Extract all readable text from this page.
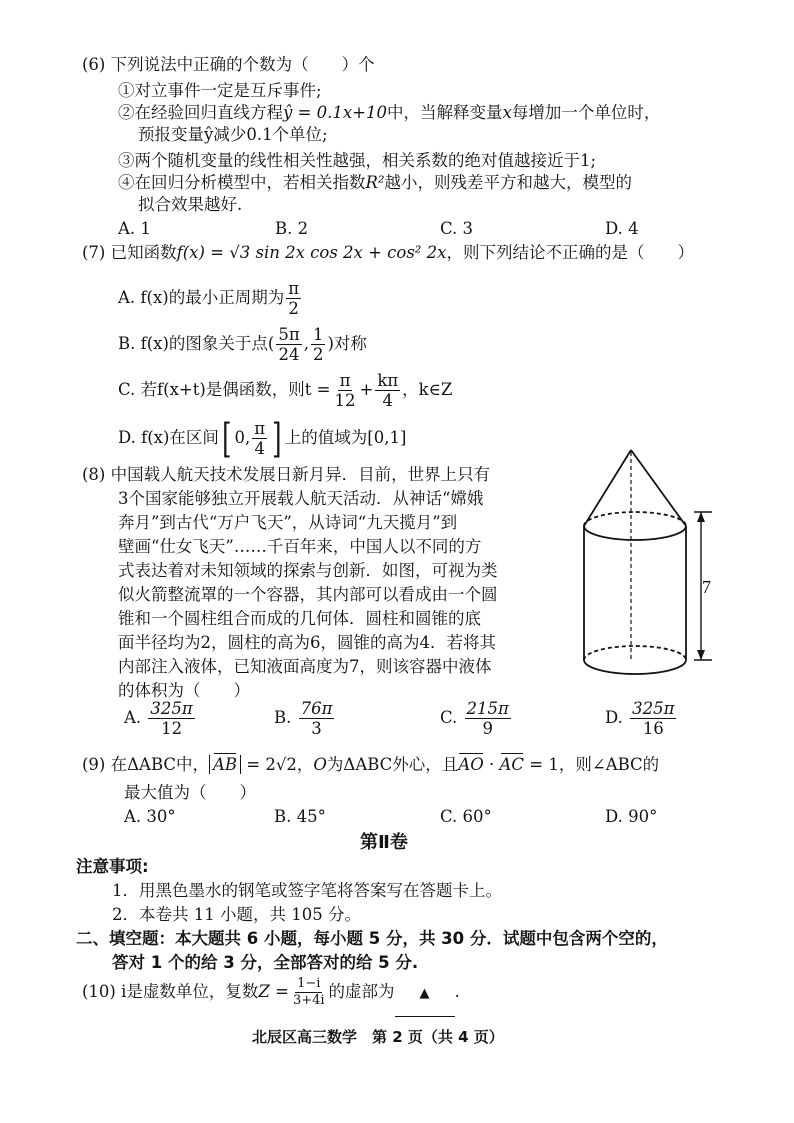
(6) 下列说法中正确的个数为（　　）个
①对立事件一定是互斥事件;
②在经验回归直线方程ŷ = 0.1x+10中，当解释变量x每增加一个单位时，
预报变量ŷ减少0.1个单位;
③两个随机变量的线性相关性越强，相关系数的绝对值越接近于1;
④在回归分析模型中，若相关指数R²越小，则残差平方和越大，模型的
拟合效果越好.
A. 1	B. 2	C. 3	D. 4
(7) 已知函数f(x) = √3 sin 2x cos 2x + cos² 2x，则下列结论不正确的是（　　）
A. f(x)的最小正周期为 $\frac{\pi}{2}$
B. f(x)的图象关于点( $\frac{5\pi}{24}$ , $\frac{1}{2}$ )对称
C. 若f(x+t)是偶函数，则$t = \frac{\pi}{12} + \frac{k\pi}{4}$ ，k∈Z
D. f(x)在区间[ 0, $\frac{\pi}{4}$ ] 上的值域为[0,1]
(8) 中国载人航天技术发展日新月异．目前，世界上只有
3个国家能够独立开展载人航天活动．从神话“嫦娥
奔月”到古代“万户飞天”，从诗词“九天揽月”到
壁画“仕女飞天”……千百年来，中国人以不同的方
式表达着对未知领域的探索与创新．如图，可视为类
似火箭整流罩的一个容器，其内部可以看成由一个圆
锥和一个圆柱组合而成的几何体．圆柱和圆锥的底
面半径均为2，圆柱的高为6，圆锥的高为4．若将其
内部注入液体，已知液面高度为7，则该容器中液体
的体积为（　　）
7
A. $\frac{325\pi}{12}$	B. $\frac{76\pi}{3}$	C. $\frac{215\pi}{9}$	D. $\frac{325\pi}{16}$
(9) 在ΔABC中， AB = 2√2，O为ΔABC外心，且AO · AC = 1，则∠ABC的
最大值为（　　）
A. 30°	B. 45°	C. 60°	D. 90°
第Ⅱ卷
注意事项:
1．用黑色墨水的钢笔或签字笔将答案写在答题卡上。
2．本卷共 11 小题，共 105 分。
二、填空题：本大题共 6 小题，每小题 5 分，共 30 分．试题中包含两个空的，
答对 1 个的给 3 分，全部答对的给 5 分.
(10) i是虚数单位，复数$Z = \frac{1-i}{3+4i}$ 的虚部为 ▲ .
北辰区高三数学　第 2 页（共 4 页）
